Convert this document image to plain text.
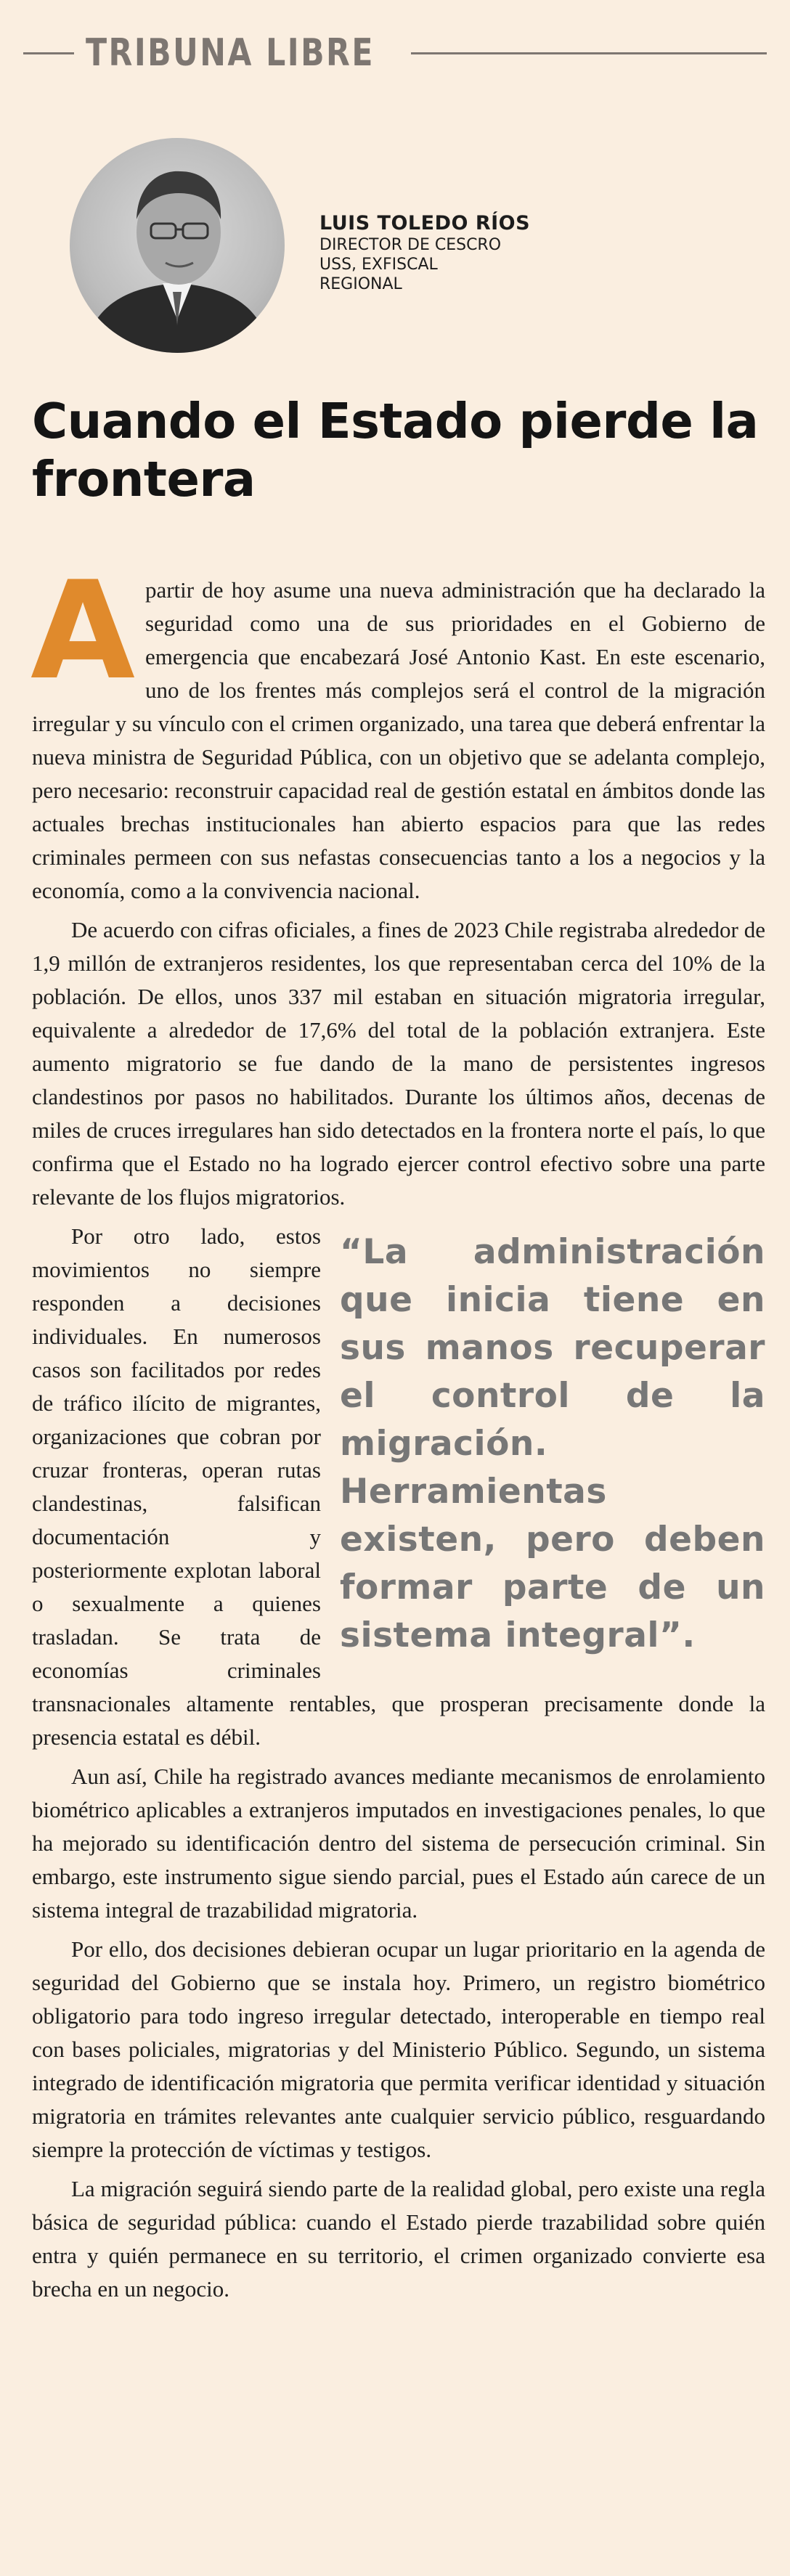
TRIBUNA LIBRE
LUIS TOLEDO RÍOS
DIRECTOR DE CESCRO
USS, EXFISCAL
REGIONAL
Cuando el Estado pierde la frontera

Apartir de hoy asume una nueva administración que ha declarado la seguridad como una de sus prioridades en el Gobierno de emergencia que encabezará José Antonio Kast. En este escenario, uno de los frentes más complejos será el control de la migración irregular y su vínculo con el crimen organizado, una tarea que deberá enfrentar la nueva ministra de Seguridad Pública, con un objetivo que se adelanta complejo, pero necesario: reconstruir capacidad real de gestión estatal en ámbitos donde las actuales brechas institucionales han abierto espacios para que las redes criminales permeen con sus nefastas consecuencias tanto a los a negocios y la economía, como a la convivencia nacional.

De acuerdo con cifras oficiales, a fines de 2023 Chile registraba alrededor de 1,9 millón de extranjeros residentes, los que representaban cerca del 10% de la población. De ellos, unos 337 mil estaban en situación migratoria irregular, equivalente a alrededor de 17,6% del total de la población extranjera. Este aumento migratorio se fue dando de la mano de persistentes ingresos clandestinos por pasos no habilitados. Durante los últimos años, decenas de miles de cruces irregulares han sido detectados en la frontera norte el país, lo que confirma que el Estado no ha logrado ejercer control efectivo sobre una parte relevante de los flujos migratorios.

“La administración que inicia tiene en sus manos recuperar el control de la migración. Herramientas existen, pero deben formar parte de un sistema integral”.
Por otro lado, estos movimientos no siempre responden a decisiones individuales. En numerosos casos son facilitados por redes de tráfico ilícito de migrantes, organizaciones que cobran por cruzar fronteras, operan rutas clandestinas, falsifican documentación y posteriormente explotan laboral o sexualmente a quienes trasladan. Se trata de economías criminales transnacionales altamente rentables, que prosperan precisamente donde la presencia estatal es débil.

Aun así, Chile ha registrado avances mediante mecanismos de enrolamiento biométrico aplicables a extranjeros imputados en investigaciones penales, lo que ha mejorado su identificación dentro del sistema de persecución criminal. Sin embargo, este instrumento sigue siendo parcial, pues el Estado aún carece de un sistema integral de trazabilidad migratoria.

Por ello, dos decisiones debieran ocupar un lugar prioritario en la agenda de seguridad del Gobierno que se instala hoy. Primero, un registro biométrico obligatorio para todo ingreso irregular detectado, interoperable en tiempo real con bases policiales, migratorias y del Ministerio Público. Segundo, un sistema integrado de identificación migratoria que permita verificar identidad y situación migratoria en trámites relevantes ante cualquier servicio público, resguardando siempre la protección de víctimas y testigos.

La migración seguirá siendo parte de la realidad global, pero existe una regla básica de seguridad pública: cuando el Estado pierde trazabilidad sobre quién entra y quién permanece en su territorio, el crimen organizado convierte esa brecha en un negocio.
